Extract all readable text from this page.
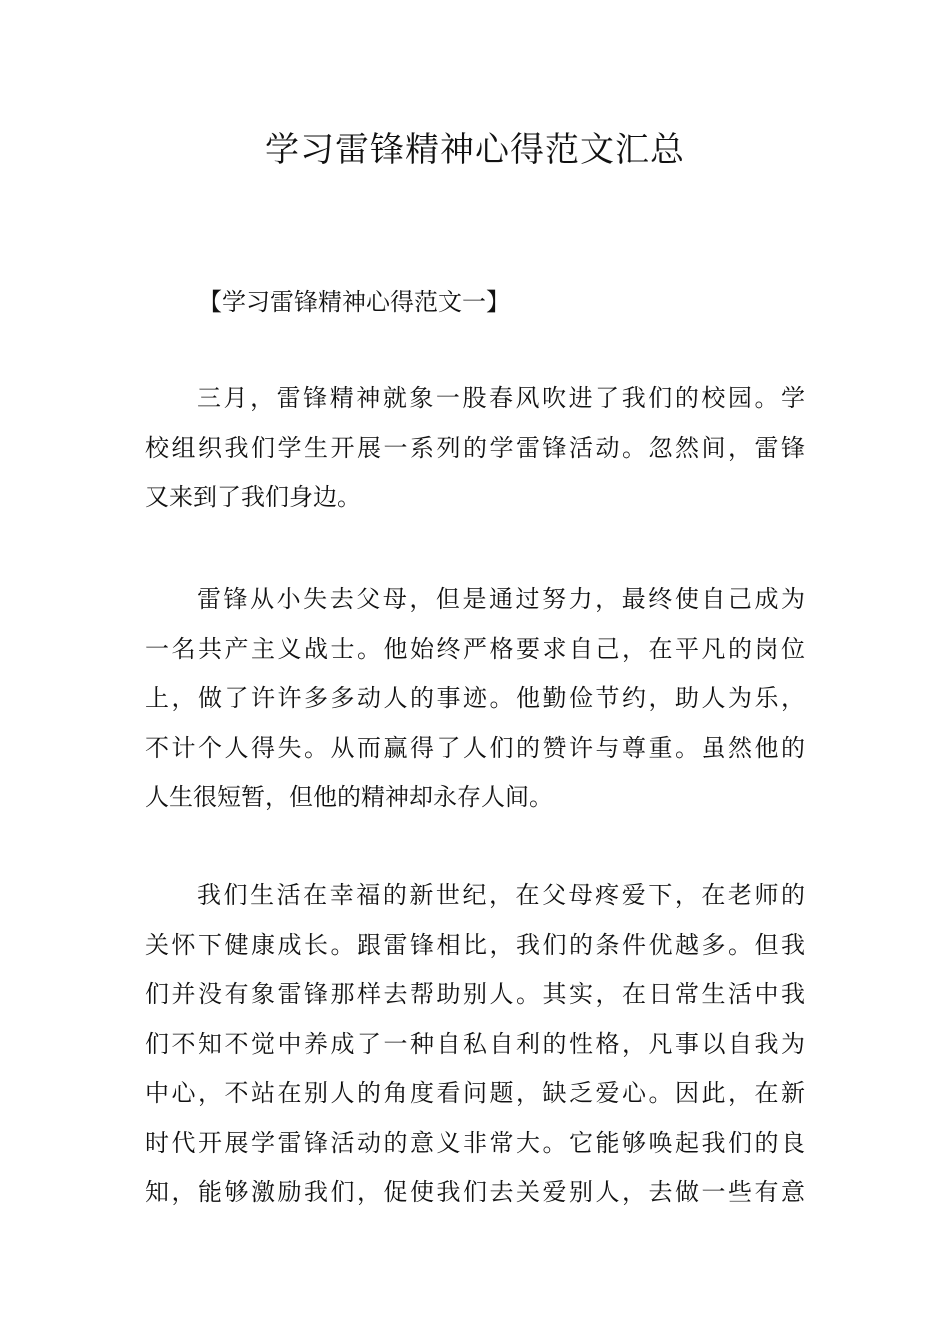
学习雷锋精神心得范文汇总
【学习雷锋精神心得范文一】
三月，雷锋精神就象一股春风吹进了我们的校园。学
校组织我们学生开展一系列的学雷锋活动。忽然间，雷锋
又来到了我们身边。
雷锋从小失去父母，但是通过努力，最终使自己成为
一名共产主义战士。他始终严格要求自己，在平凡的岗位
上，做了许许多多动人的事迹。他勤俭节约，助人为乐，
不计个人得失。从而赢得了人们的赞许与尊重。虽然他的
人生很短暂，但他的精神却永存人间。
我们生活在幸福的新世纪，在父母疼爱下，在老师的
关怀下健康成长。跟雷锋相比，我们的条件优越多。但我
们并没有象雷锋那样去帮助别人。其实，在日常生活中我
们不知不觉中养成了一种自私自利的性格，凡事以自我为
中心，不站在别人的角度看问题，缺乏爱心。因此，在新
时代开展学雷锋活动的意义非常大。它能够唤起我们的良
知，能够激励我们，促使我们去关爱别人，去做一些有意
